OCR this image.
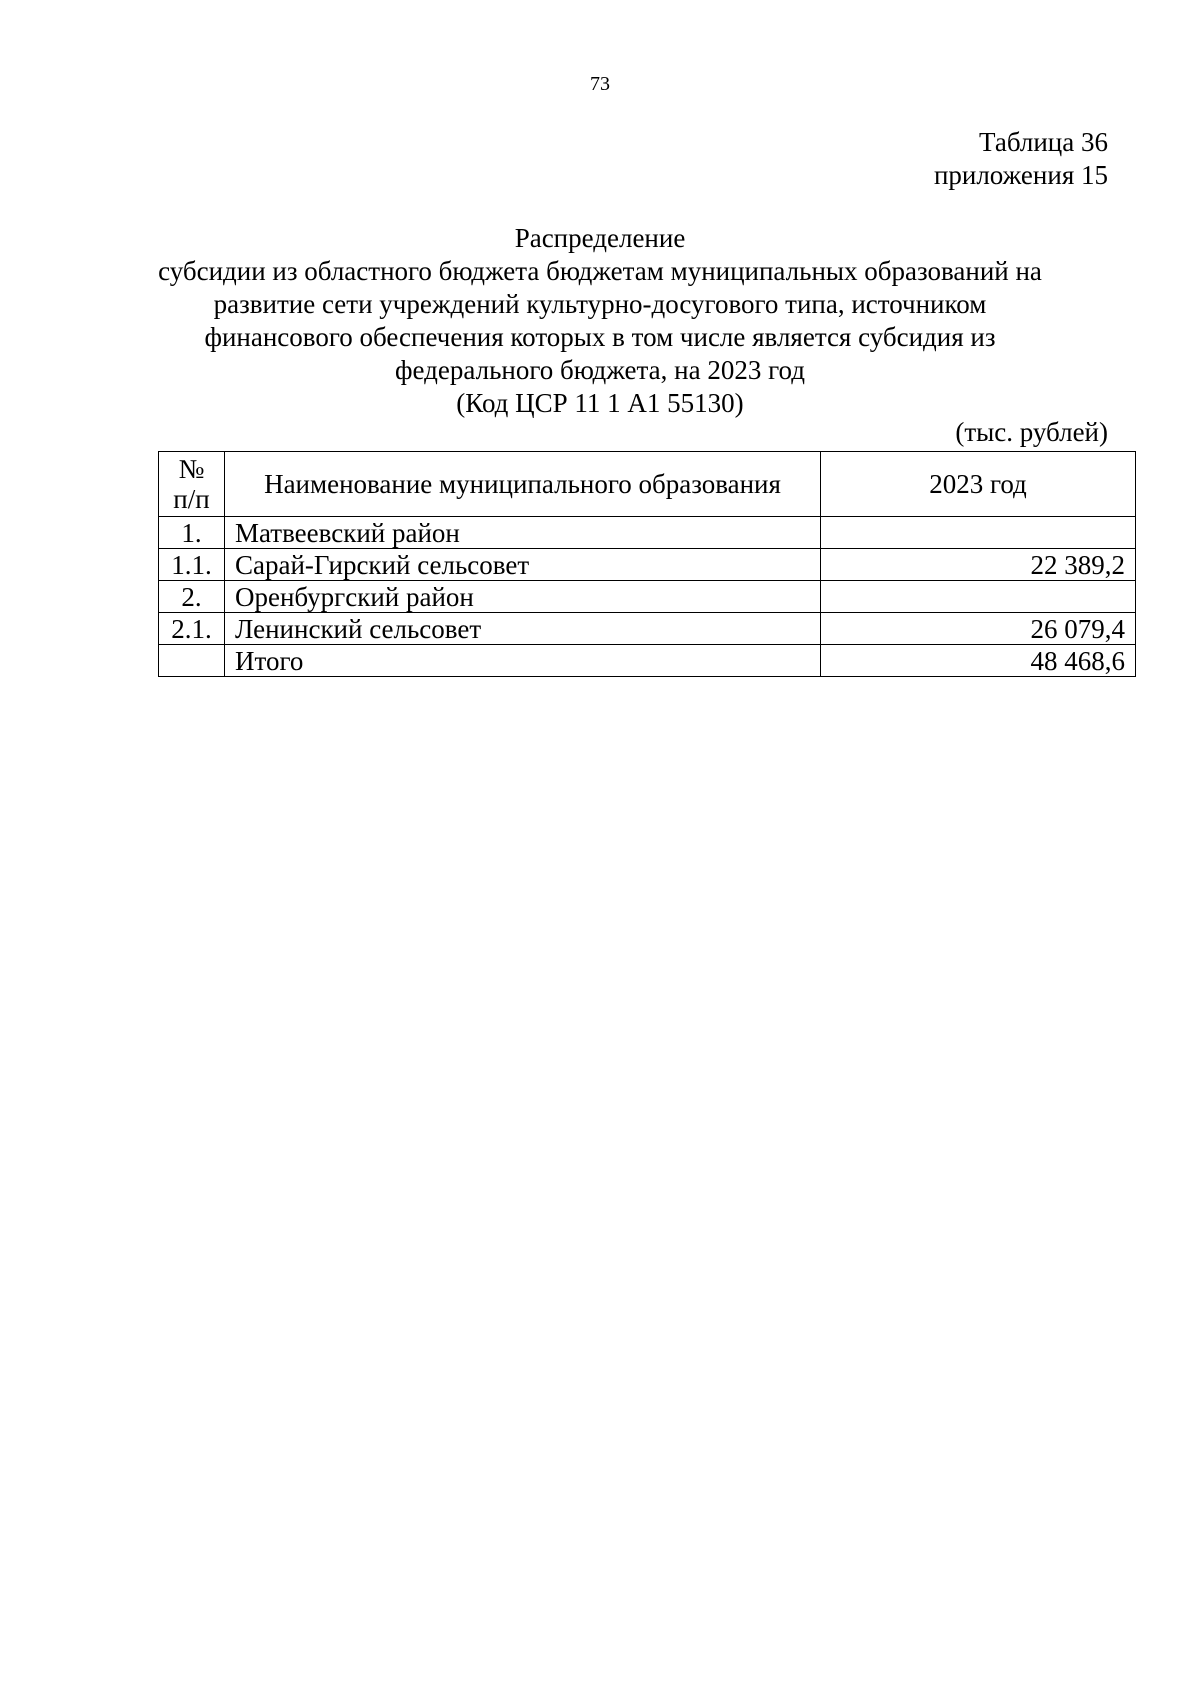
73
Таблица 36
приложения 15
Распределение
субсидии из областного бюджета бюджетам муниципальных образований на
развитие сети учреждений культурно-досугового типа, источником
финансового обеспечения которых в том числе является субсидия из
федерального бюджета, на 2023 год
(Код ЦСР 11 1 А1 55130)
(тыс. рублей)
№
п/п	Наименование муниципального образования	2023 год
1.	Матвеевский район	
1.1.	Сарай-Гирский сельсовет	22 389,2
2.	Оренбургский район	
2.1.	Ленинский сельсовет	26 079,4
	Итого	48 468,6
